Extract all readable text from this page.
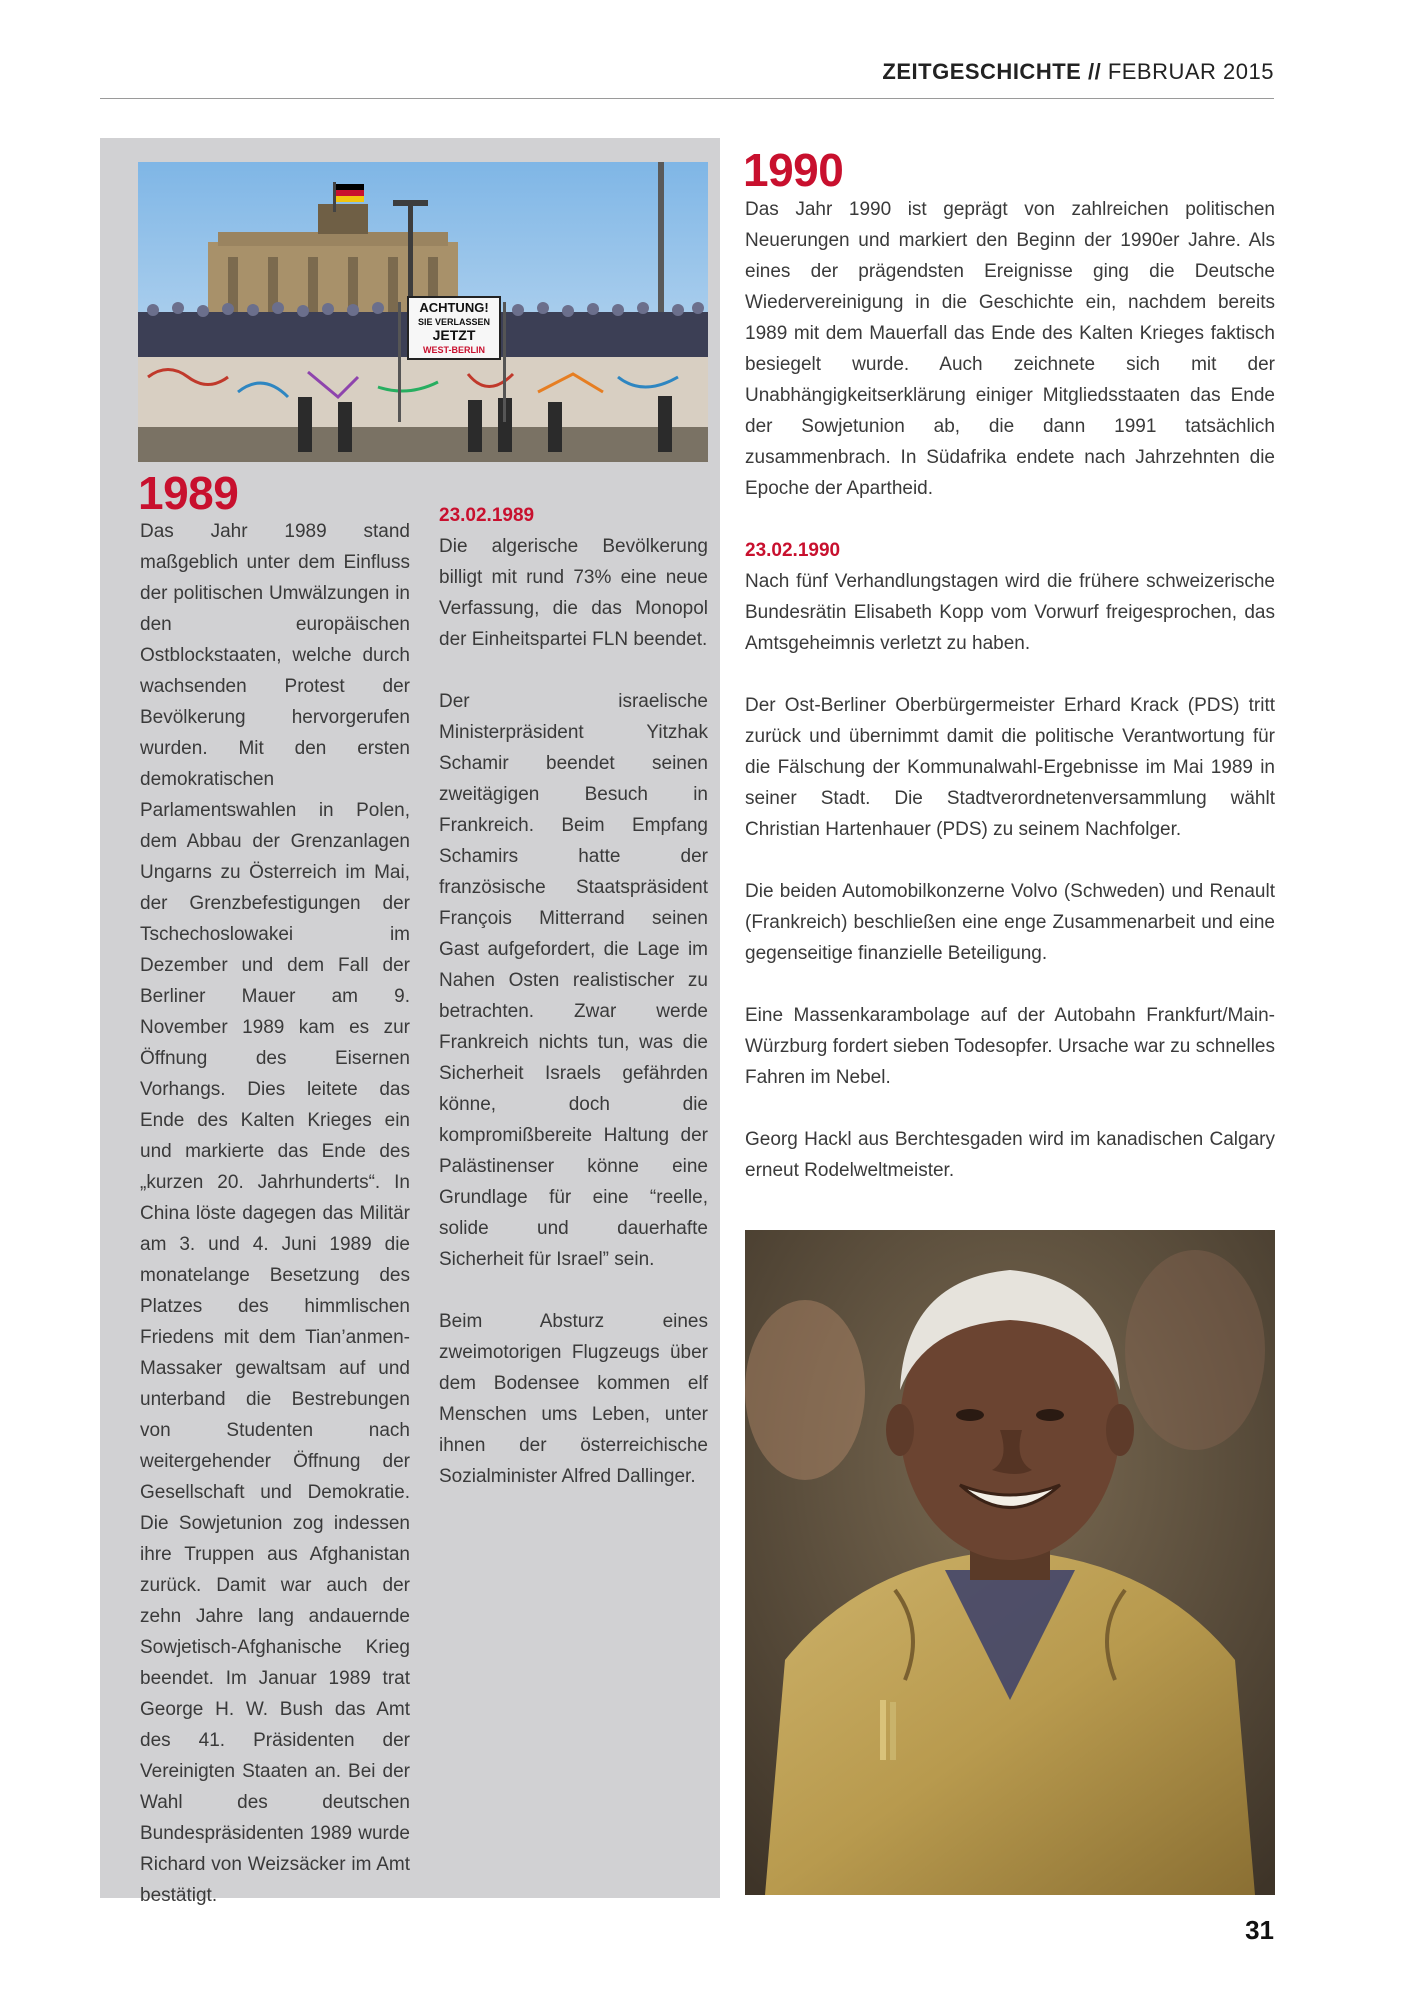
ZEITGESCHICHTE // FEBRUAR 2015
ACHTUNG!
SIE VERLASSEN
JETZT
WEST-BERLIN
1989

Das Jahr 1989 stand maßgeblich unter dem Einfluss der politischen Umwälzungen in den europäischen Ostblockstaaten, welche durch wachsenden Protest der Bevölkerung hervorgerufen wurden. Mit den ersten demokratischen Parlamentswahlen in Polen, dem Abbau der Grenzanlagen Ungarns zu Österreich im Mai, der Grenzbefestigungen der Tschechoslowakei im Dezember und dem Fall der Berliner Mauer am 9. November 1989 kam es zur Öffnung des Eisernen Vorhangs. Dies leitete das Ende des Kalten Krieges ein und markierte das Ende des „kurzen 20. Jahrhunderts“. In China löste dagegen das Militär am 3. und 4. Juni 1989 die monatelange Besetzung des Platzes des himmlischen Friedens mit dem Tian’anmen-Massaker gewaltsam auf und unterband die Bestrebungen von Studenten nach weitergehender Öffnung der Gesellschaft und Demokratie. Die Sowjetunion zog indessen ihre Truppen aus Afghanistan zurück. Damit war auch der zehn Jahre lang andauernde Sowjetisch-Afghanische Krieg beendet. Im Januar 1989 trat George H. W. Bush das Amt des 41. Präsidenten der Vereinigten Staaten an. Bei der Wahl des deutschen Bundespräsidenten 1989 wurde Richard von Weizsäcker im Amt bestätigt.

23.02.1989

Die algerische Bevölkerung billigt mit rund 73% eine neue Verfassung, die das Monopol der Einheitspartei FLN beendet.

Der israelische Ministerpräsident Yitzhak Schamir beendet seinen zweitägigen Besuch in Frankreich. Beim Empfang Schamirs hatte der französische Staatspräsident François Mitterrand seinen Gast aufgefordert, die Lage im Nahen Osten realistischer zu betrachten. Zwar werde Frankreich nichts tun, was die Sicherheit Israels gefährden könne, doch die kompromißbereite Haltung der Palästinenser könne eine Grundlage für eine “reelle, solide und dauerhafte Sicherheit für Israel” sein.

Beim Absturz eines zweimotorigen Flugzeugs über dem Bodensee kommen elf Menschen ums Leben, unter ihnen der österreichische Sozialminister Alfred Dallinger.

1990

Das Jahr 1990 ist geprägt von zahlreichen politischen Neuerungen und markiert den Beginn der 1990er Jahre. Als eines der prägendsten Ereignisse ging die Deutsche Wiedervereinigung in die Geschichte ein, nachdem bereits 1989 mit dem Mauerfall das Ende des Kalten Krieges faktisch besiegelt wurde. Auch zeichnete sich mit der Unabhängigkeitserklärung einiger Mitgliedsstaaten das Ende der Sowjetunion ab, die dann 1991 tatsächlich zusammenbrach. In Südafrika endete nach Jahrzehnten die Epoche der Apartheid.

23.02.1990

Nach fünf Verhandlungstagen wird die frühere schweizerische Bundesrätin Elisabeth Kopp vom Vorwurf freigesprochen, das Amtsgeheimnis verletzt zu haben.

Der Ost-Berliner Oberbürgermeister Erhard Krack (PDS) tritt zurück und übernimmt damit die politische Verantwortung für die Fälschung der Kommunalwahl-Ergebnisse im Mai 1989 in seiner Stadt. Die Stadtverordnetenversammlung wählt Christian Hartenhauer (PDS) zu seinem Nachfolger.

Die beiden Automobilkonzerne Volvo (Schweden) und Renault (Frankreich) beschließen eine enge Zusammenarbeit und eine gegenseitige finanzielle Beteiligung.

Eine Massenkarambolage auf der Autobahn Frankfurt/Main- Würzburg fordert sieben Todesopfer. Ursache war zu schnelles Fahren im Nebel.

Georg Hackl aus Berchtesgaden wird im kanadischen Calgary erneut Rodelweltmeister.

31
